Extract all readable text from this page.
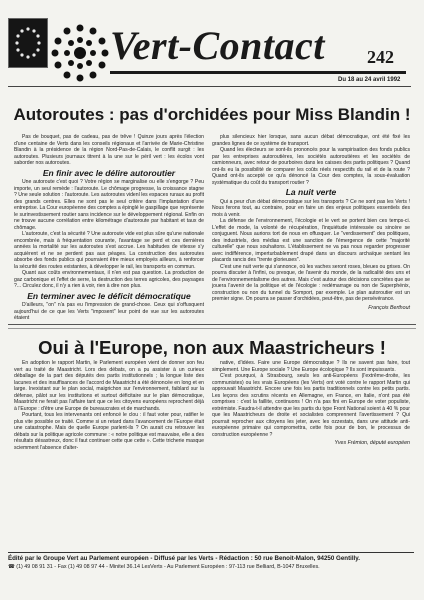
Vert-Contact 242
Du 18 au 24 avril 1992
Autoroutes : pas d'orchidées pour Miss Blandin !

Pas de bouquet, pas de cadeau, pas de trêve ! Quinze jours après l'élection d'une centaine de Verts dans les conseils régionaux et l'arrivée de Marie-Christine Blandin à la présidence de la région Nord-Pas-de-Calais, le conflit surgit : les autoroutes. Plusieurs journaux titrent à la une sur le péril vert : les écolos vont saborder nos autoroutes.

En finir avec le délire autoroutier

Une autoroute c'est quoi ? Votre région se marginalise ou elle s'engorge ? Peu importe, un seul remède : l'autoroute. Le chômage progresse, la croissance stagne ? Une seule solution : l'autoroute. Les autoroutes videnl les espaces ruraux au profit des grands centres. Elles ne sont pas le seul critère dans l'implantation d'une entreprise. La Cour européenne des comptes a épinglé le gaspillage que représente le surinvestissement routier sans incidence sur le développement régional. Enfin on ne trouve aucune corrélation entre kilométrage d'autoroute par habitant et taux de chômage.

L'autoroute, c'est la sécurité ? Une autoroute vide est plus sûre qu'une nationale encombrée, mais à fréquentation courante, l'avantage se perd et ces dernières années la mortalité sur les autoroutes s'est accrue. Les habitudes de vitesse s'y acquièrent et ne se perdent pas aux péages. La construction des autoroutes absorbe des fonds publics qui pourraient être mieux employés ailleurs, à renforcer la sécurité des routes existantes, à développer le rail, les transports en commun.

Quant aux coûts environnementaux, il n'en est pas question. La production de gaz carbonique et l'effet de serre, la destruction des terres agricoles, des paysages ?... Circulez donc, il n'y a rien à voir, rien à dire non plus.

En terminer avec le déficit démocratique

D'ailleurs, "on" n'a pas eu l'impression de grand-chose. Ceux qui s'offusquent aujourd'hui de ce que les Verts "imposent" leur point de vue sur les autoroutes étaient

plus silencieux hier lorsque, sans aucun débat démocratique, ont été fixé les grandes lignes de ce système de transport.

Quand les électeurs se sont-ils prononcés pour la vampirisation des fonds publics par les entreprises autoroutières, les sociétés autoroutières et les sociétés de camionneurs, avec retour de pourboires dans les caisses des partis politiques ? Quand ont-ils eu la possibilité de comparer les coûts réels respectifs du rail et de la route ? Quand ont-ils accepté ce qu'a dénoncé la Cour des comptes, la sous-évaluation systématique du coût du transport routier ?

La nuit verte

Qui a peur d'un débat démocratique sur les transports ? Ce ne sont pas les Verts ! Nous ferons tout, au contraire, pour en faire un des enjeux politiques essentiels des mois à venir.

La défense de l'environnement, l'écologie et le vert se portent bien ces temps-ci. L'effet de mode, la volonté de récupération, l'inquiétude intéressée ou sincère se conjuguent. Nous aurions tort de nous en offusquer. Le "verdissement" des politiques, des industriels, des médias est une sanction de l'émergence de cette "majorité culturelle" que nous souhaitons. L'établissement ne va pas nous regarder progresser avec indifférence, imperturbablement drapé dans un discours archaïque sentant les placards rancis des "trente glorieuses".

C'est une nuit verte qui s'annonce, où les vaches seront roses, bleues ou grises. On pourra discuter à l'infini, ou presque, de l'avenir du monde, de la radicalité des uns et de l'environnementalisme des autres. Mais c'est autour des décisions concrètes que se jouera l'avenir de la politique et de l'écologie : redémarrage ou non de Superphénix, construction ou non du tunnel du Somport, par exemple. Le plan autoroutier est un premier signe. On pourra se passer d'orchidées, peut-être, pas de persévérance.

François Berthout
Oui à l'Europe, non aux Maastricheurs !

En adoption le rapport Martin, le Parlement européen vient de donner son feu vert au traité de Maastricht. Lors des débats, on a pu assister à un curieux déballage de la part des députés des partis institutionnels ; la longue liste des lacunes et des insuffisances de l'accord de Maastricht a été dénoncée en long et en large. Inexistant sur le plan social, maigrichon sur l'environnement, faiblard sur la défense, pâlot sur les institutions et surtout déficitaire sur le plan démocratique, Maastricht ne ferait pas l'affaire tant que ce les citoyens européens reprochent déjà à l'Europe : d'être une Europe de bureaucrates et de marchands.

Pourtant, tous les intervenants ont enfoncé le clou : il faut voter pour, ratifier le plus vite possible ce traité. Comme si un retard dans l'avancement de l'Europe était une catastrophe. Mais de quelle Europe parlent-ils ? On aurait cru retrouver les débats sur la politique agricole commune : « notre politique est mauvaise, elle a des résultats désastreux, donc il faut continuer cette que cette ». Cette tricherie masque sciemment l'absence d'alter-

native, d'idées. Faire une Europe démocratique ? Ils ne savent pas faire, tout simplement. Une Europe sociale ? Une Europe écologique ? Ils sont impuissants.

C'est pourquoi, à Strasbourg, seuls les anti-Européens (l'extrême-droite, les communistes) ou les vrais Européens (les Verts) ont voté contre le rapport Martin qui approuvait Maastricht. Encore une fois les partis traditionnels contre les petits partis. Les leçons des scrutins récents en Allemagne, en France, en Italie, n'ont pas été comprises : c'est la faillite, continuons ! On n'a pas fini en Europe de voter populiste, extrémiste. Faudra-t-il attendre que les partis du type Front National soient à 40 % pour que les Maastricheurs de droite et socialistes comprennent l'avertissement ? Qui pourrait reprocher aux citoyens les jeter, avec les ozzestats, dans une attitude anti-européenne primaire qui compromettra, cette fois pour de bon, le processus de construction européenne ?

Yves Frémion, député européen
Édité par le Groupe Vert au Parlement européen - Diffusé par les Verts - Rédaction : 50 rue Benoit-Malon, 94250 Gentilly.
☎ (1) 49 08 91 31 - Fax (1) 49 08 97 44 - Minitel 36.14 LesVerts - Au Parlement Européen : 97-113 rue Belliard, B-1047 Bruxelles.
